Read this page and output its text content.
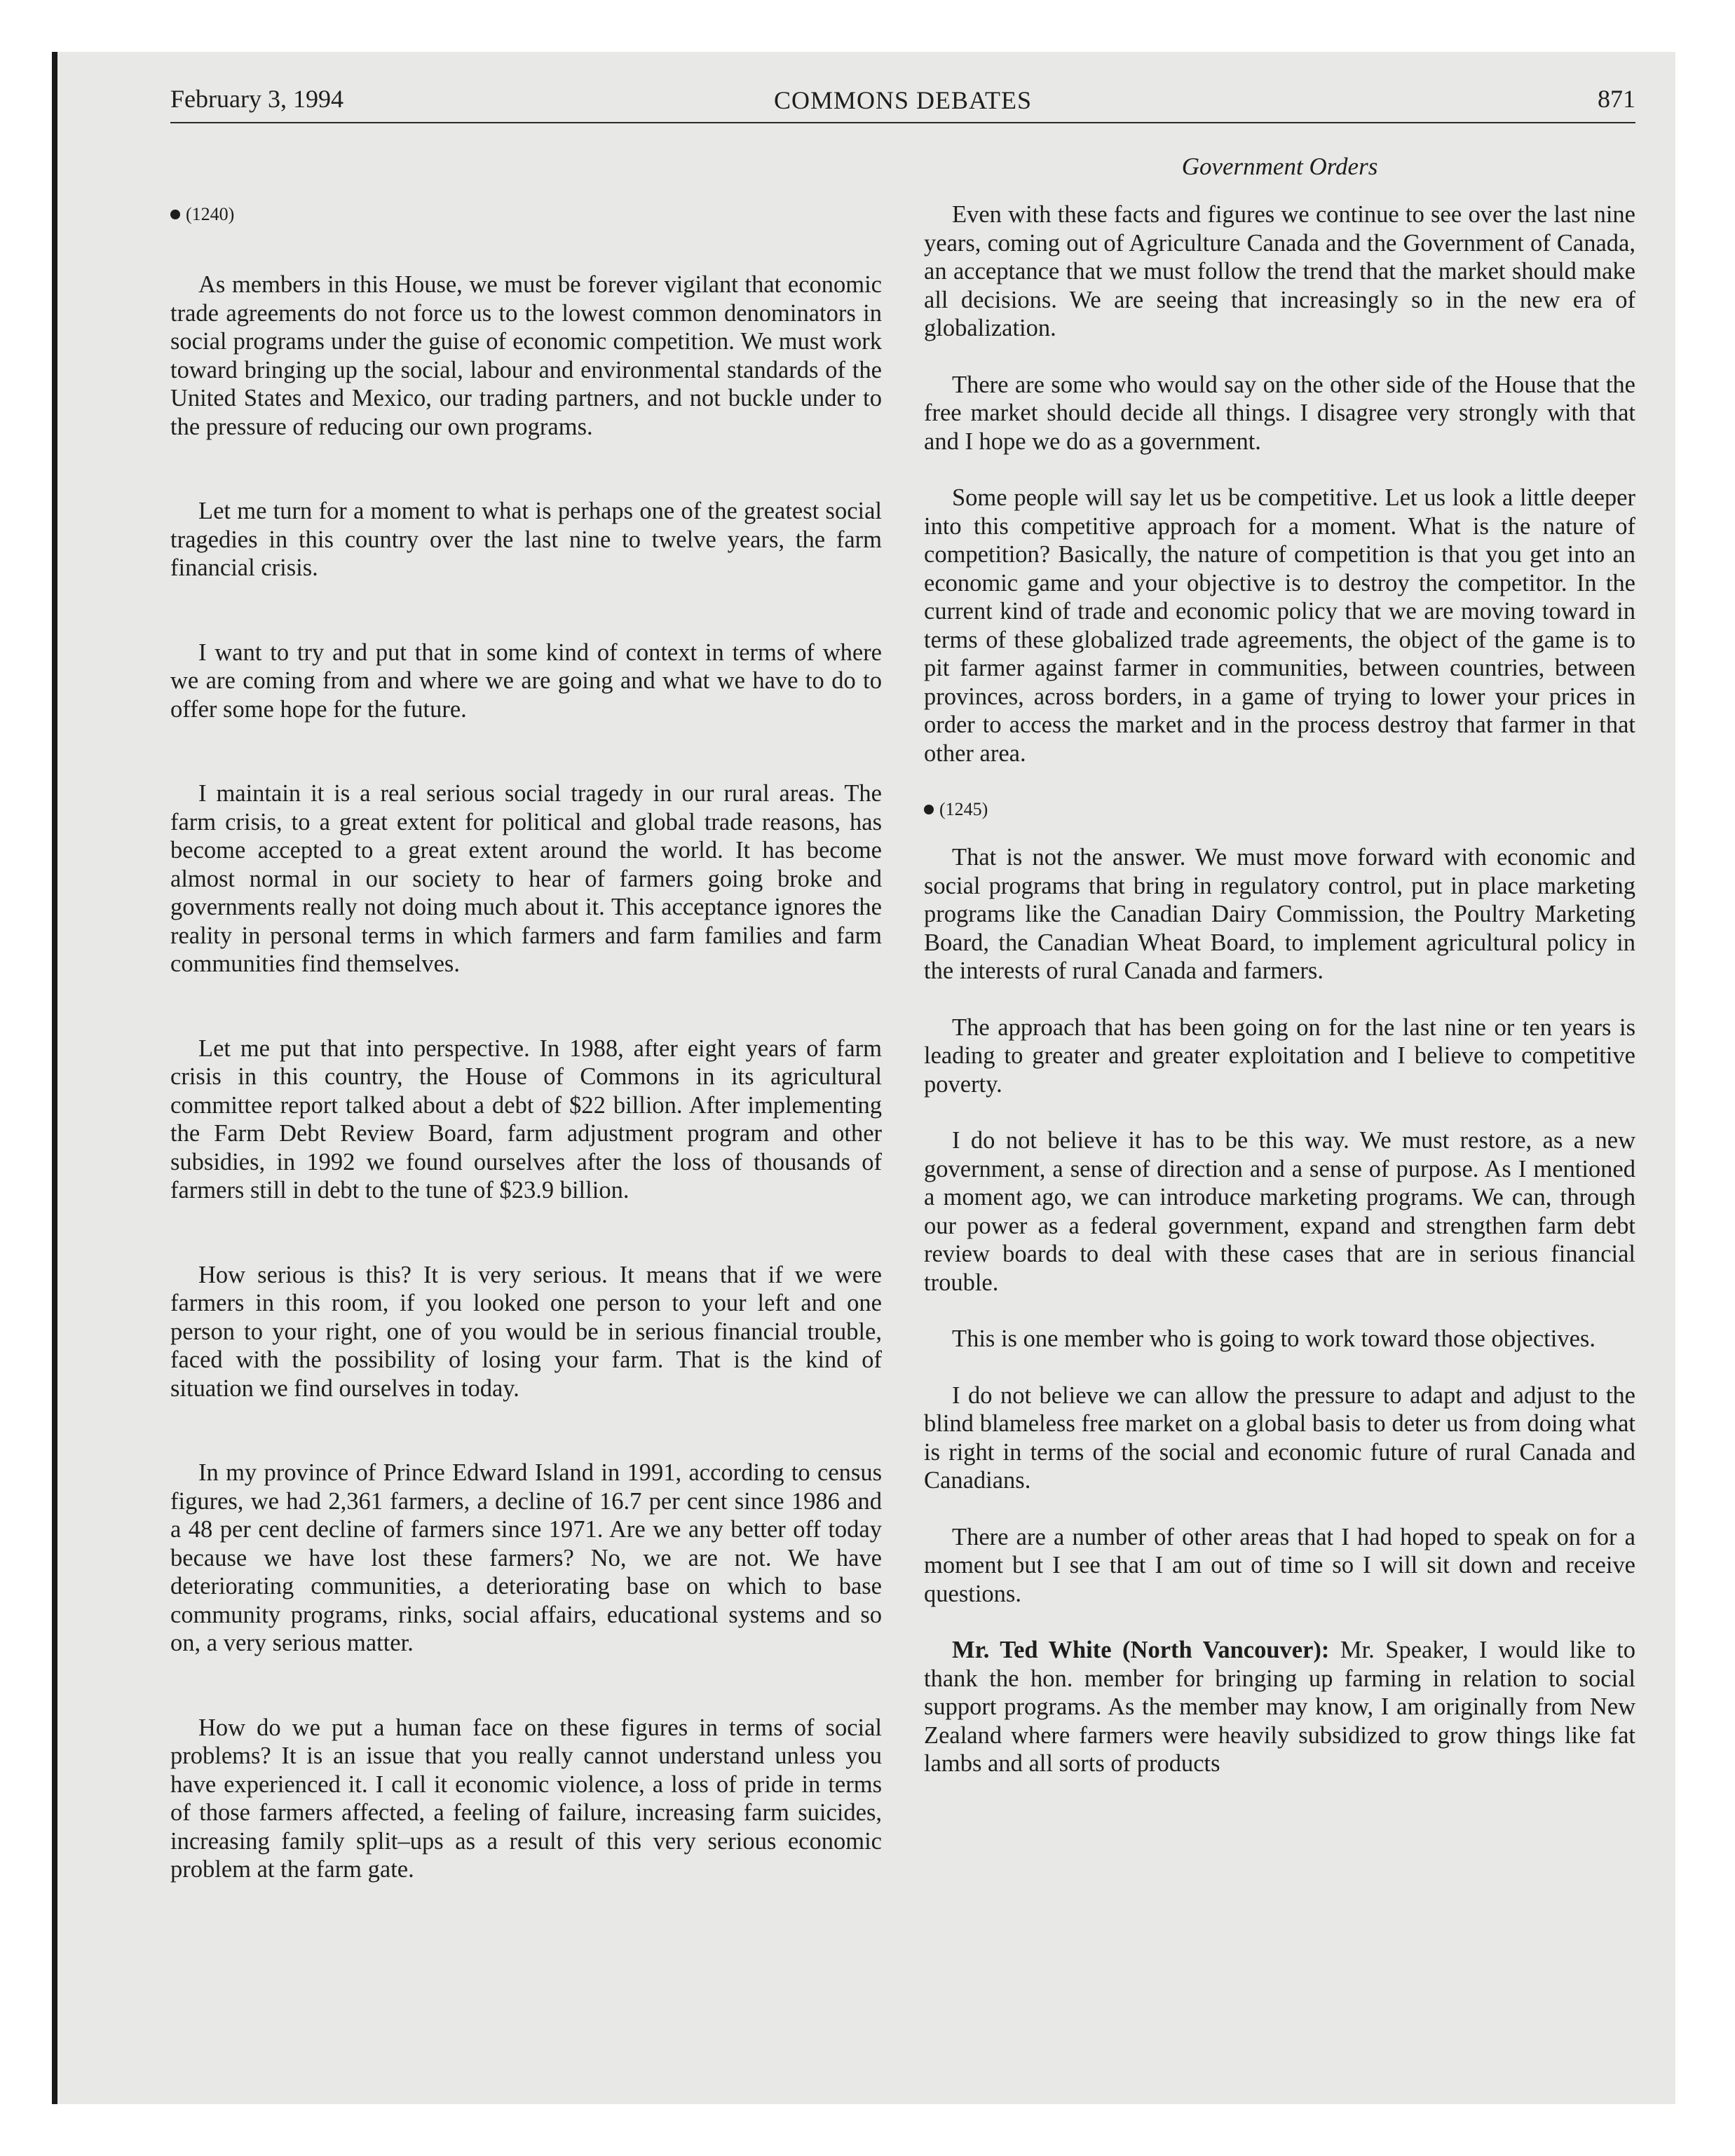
February 3, 1994	COMMONS DEBATES	871
Government Orders
(1240)

As members in this House, we must be forever vigilant that economic trade agreements do not force us to the lowest common denominators in social programs under the guise of economic competition. We must work toward bringing up the social, labour and environmental standards of the United States and Mexico, our trading partners, and not buckle under to the pressure of reducing our own programs.

Let me turn for a moment to what is perhaps one of the greatest social tragedies in this country over the last nine to twelve years, the farm financial crisis.

I want to try and put that in some kind of context in terms of where we are coming from and where we are going and what we have to do to offer some hope for the future.

I maintain it is a real serious social tragedy in our rural areas. The farm crisis, to a great extent for political and global trade reasons, has become accepted to a great extent around the world. It has become almost normal in our society to hear of farmers going broke and governments really not doing much about it. This acceptance ignores the reality in personal terms in which farmers and farm families and farm communities find themselves.

Let me put that into perspective. In 1988, after eight years of farm crisis in this country, the House of Commons in its agricultural committee report talked about a debt of $22 billion. After implementing the Farm Debt Review Board, farm adjustment program and other subsidies, in 1992 we found ourselves after the loss of thousands of farmers still in debt to the tune of $23.9 billion.

How serious is this? It is very serious. It means that if we were farmers in this room, if you looked one person to your left and one person to your right, one of you would be in serious financial trouble, faced with the possibility of losing your farm. That is the kind of situation we find ourselves in today.

In my province of Prince Edward Island in 1991, according to census figures, we had 2,361 farmers, a decline of 16.7 per cent since 1986 and a 48 per cent decline of farmers since 1971. Are we any better off today because we have lost these farmers? No, we are not. We have deteriorating communities, a deteriorating base on which to base community programs, rinks, social affairs, educational systems and so on, a very serious matter.

How do we put a human face on these figures in terms of social problems? It is an issue that you really cannot understand unless you have experienced it. I call it economic violence, a loss of pride in terms of those farmers affected, a feeling of failure, increasing farm suicides, increasing family split–ups as a result of this very serious economic problem at the farm gate.

Even with these facts and figures we continue to see over the last nine years, coming out of Agriculture Canada and the Government of Canada, an acceptance that we must follow the trend that the market should make all decisions. We are seeing that increasingly so in the new era of globalization.

There are some who would say on the other side of the House that the free market should decide all things. I disagree very strongly with that and I hope we do as a government.

Some people will say let us be competitive. Let us look a little deeper into this competitive approach for a moment. What is the nature of competition? Basically, the nature of competition is that you get into an economic game and your objective is to destroy the competitor. In the current kind of trade and economic policy that we are moving toward in terms of these globalized trade agreements, the object of the game is to pit farmer against farmer in communities, between countries, between provinces, across borders, in a game of trying to lower your prices in order to access the market and in the process destroy that farmer in that other area.

(1245)

That is not the answer. We must move forward with economic and social programs that bring in regulatory control, put in place marketing programs like the Canadian Dairy Commission, the Poultry Marketing Board, the Canadian Wheat Board, to implement agricultural policy in the interests of rural Canada and farmers.

The approach that has been going on for the last nine or ten years is leading to greater and greater exploitation and I believe to competitive poverty.

I do not believe it has to be this way. We must restore, as a new government, a sense of direction and a sense of purpose. As I mentioned a moment ago, we can introduce marketing programs. We can, through our power as a federal government, expand and strengthen farm debt review boards to deal with these cases that are in serious financial trouble.

This is one member who is going to work toward those objectives.

I do not believe we can allow the pressure to adapt and adjust to the blind blameless free market on a global basis to deter us from doing what is right in terms of the social and economic future of rural Canada and Canadians.

There are a number of other areas that I had hoped to speak on for a moment but I see that I am out of time so I will sit down and receive questions.

Mr. Ted White (North Vancouver): Mr. Speaker, I would like to thank the hon. member for bringing up farming in relation to social support programs. As the member may know, I am originally from New Zealand where farmers were heavily subsidized to grow things like fat lambs and all sorts of products
